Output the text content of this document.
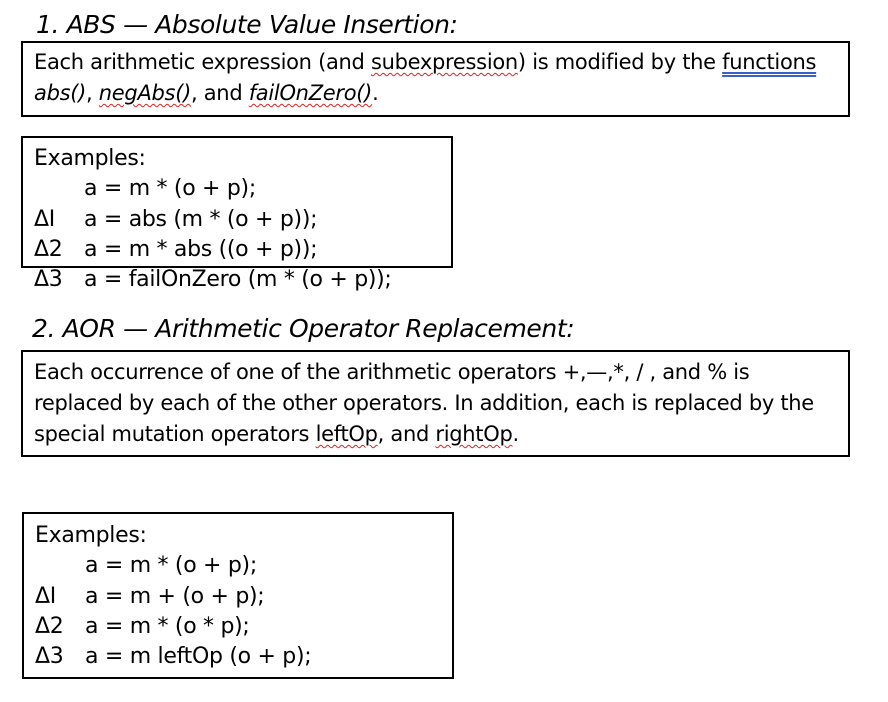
1. ABS — Absolute Value Insertion:
Each arithmetic expression (and subexpression) is modified by the functions
abs(), negAbs(), and failOnZero().
Examples:
a = m * (o + p);
ΔI a = abs (m * (o + p));
Δ2 a = m * abs ((o + p));
Δ3 a = failOnZero (m * (o + p));
2. AOR — Arithmetic Operator Replacement:
Each occurrence of one of the arithmetic operators +,—,*, / , and % is
replaced by each of the other operators. In addition, each is replaced by the
special mutation operators leftOp, and rightOp.
Examples:
a = m * (o + p);
ΔI a = m + (o + p);
Δ2 a = m * (o * p);
Δ3 a = m leftOp (o + p);
